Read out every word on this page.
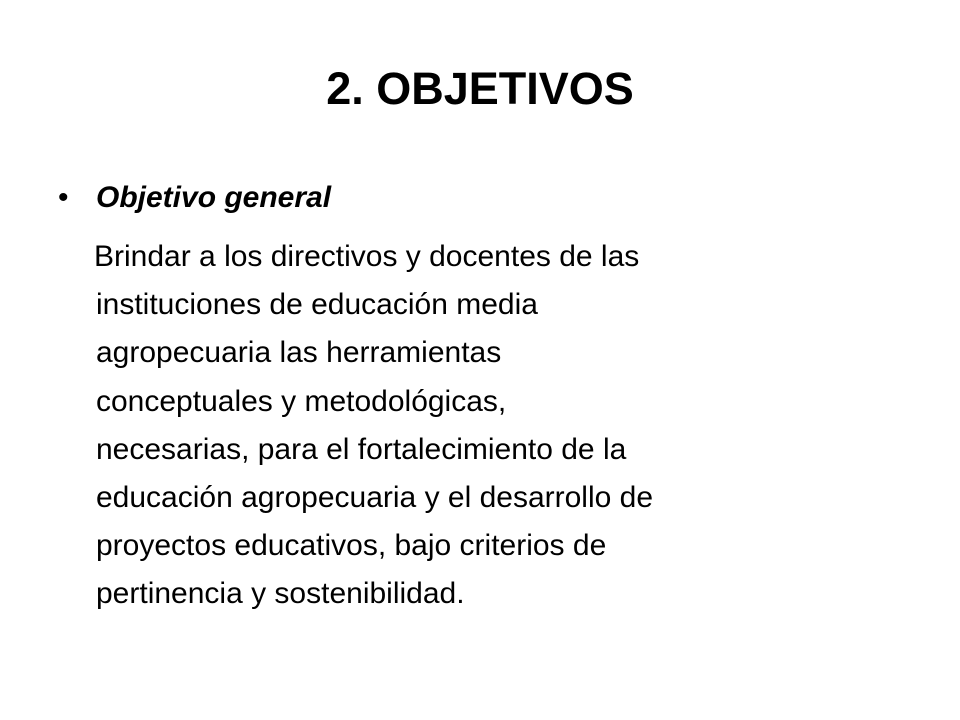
2. OBJETIVOS
• Objetivo general

Brindar a los directivos y docentes de las
instituciones de educación media
agropecuaria las herramientas
conceptuales y metodológicas,
necesarias, para el fortalecimiento de la
educación agropecuaria y el desarrollo de
proyectos educativos, bajo criterios de
pertinencia y sostenibilidad.
